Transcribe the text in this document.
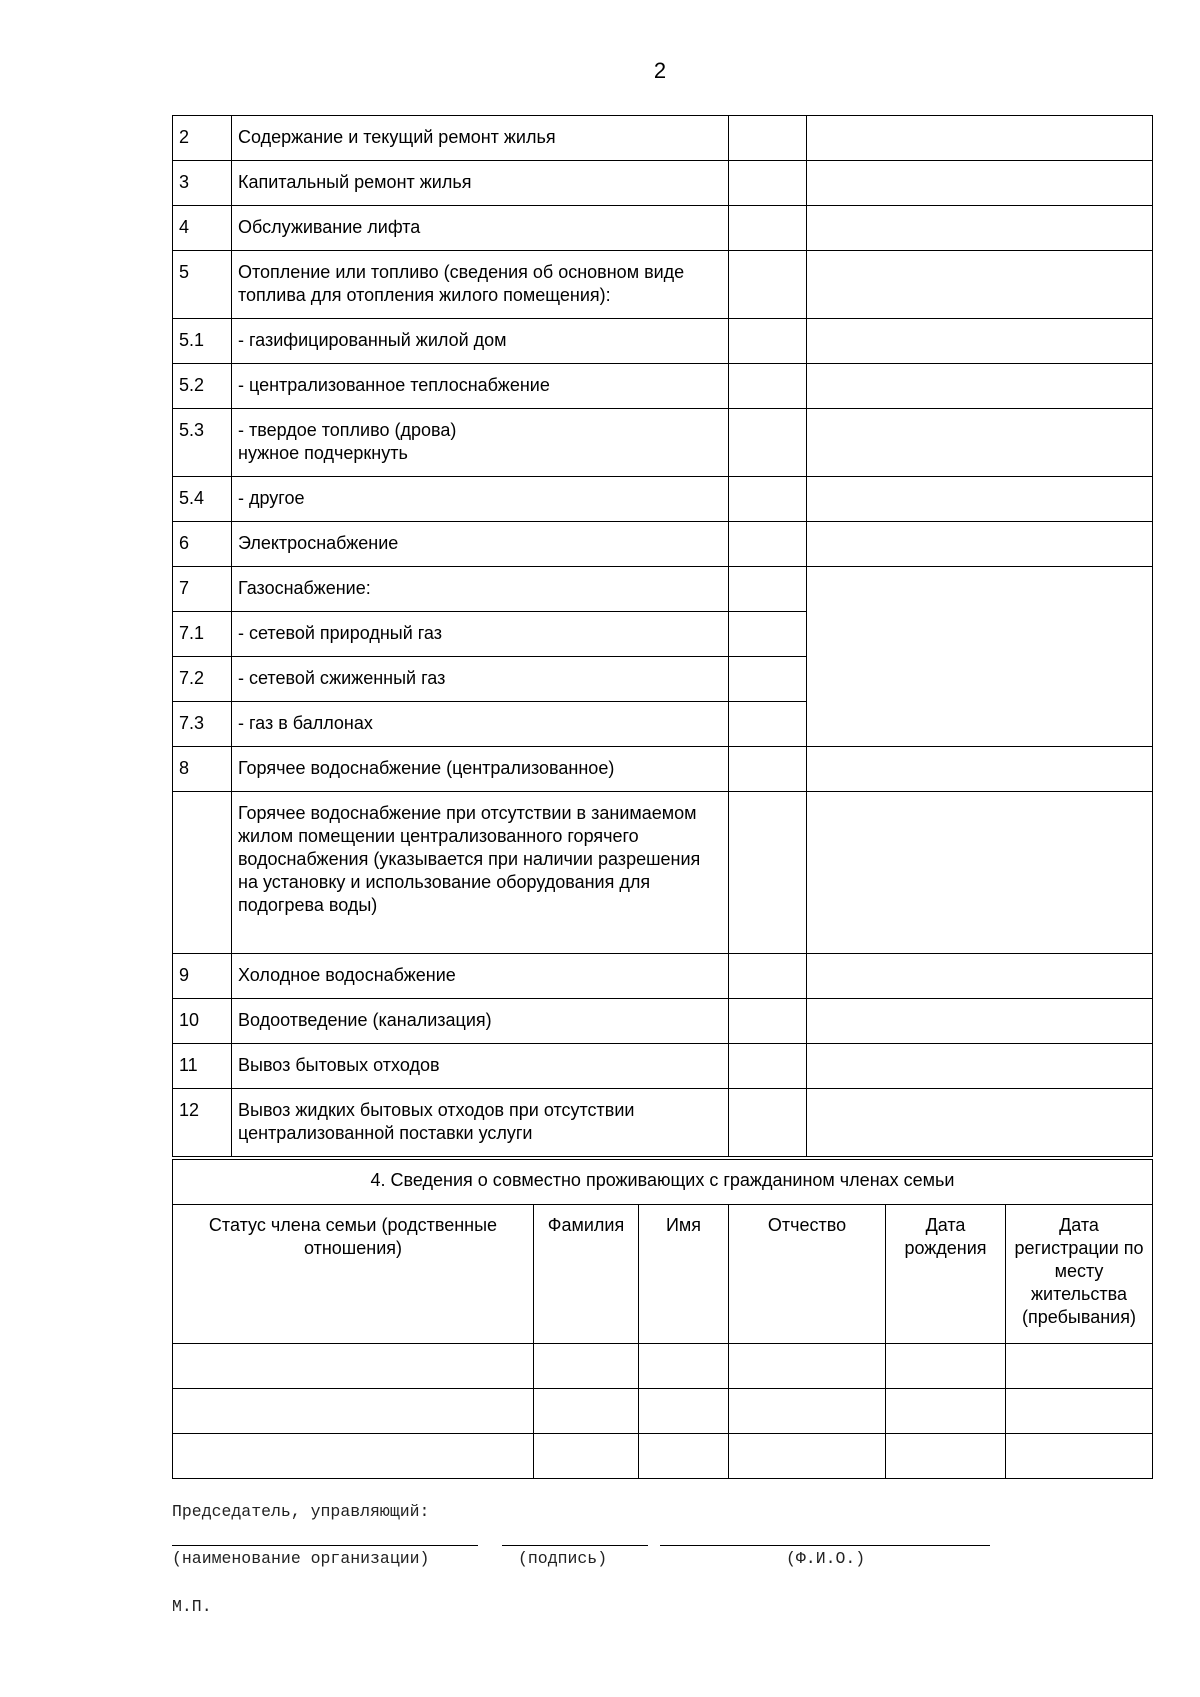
2
2	Содержание и текущий ремонт жилья		
3	Капитальный ремонт жилья		
4	Обслуживание лифта		
5	Отопление или топливо (сведения об основном виде топлива для отопления жилого помещения):		
5.1	- газифицированный жилой дом		
5.2	- централизованное теплоснабжение		
5.3	- твердое топливо (дрова)
нужное подчеркнуть		

5.4	- другое		
6	Электроснабжение		
7	Газоснабжение:		
7.1	- сетевой природный газ		
7.2	- сетевой сжиженный газ		
7.3	- газ в баллонах		
8	Горячее водоснабжение (централизованное)		
	Горячее водоснабжение при отсутствии в занимаемом жилом помещении централизованного горячего водоснабжения (указывается при наличии разрешения на установку и использование оборудования для подогрева воды)		
9	Холодное водоснабжение		
10	Водоотведение (канализация)		
11	Вывоз бытовых отходов		
12	Вывоз жидких бытовых отходов при отсутствии централизованной поставки услуги		
4. Сведения о совместно проживающих с гражданином членах семьи					
Статус члена семьи (родственные отношения)	Фамилия	Имя	Отчество	Дата рождения	Дата регистрации по месту жительства (пребывания)

Председатель, управляющий:
(наименование организации)	(подпись)	(Ф.И.О.)
М.П.
